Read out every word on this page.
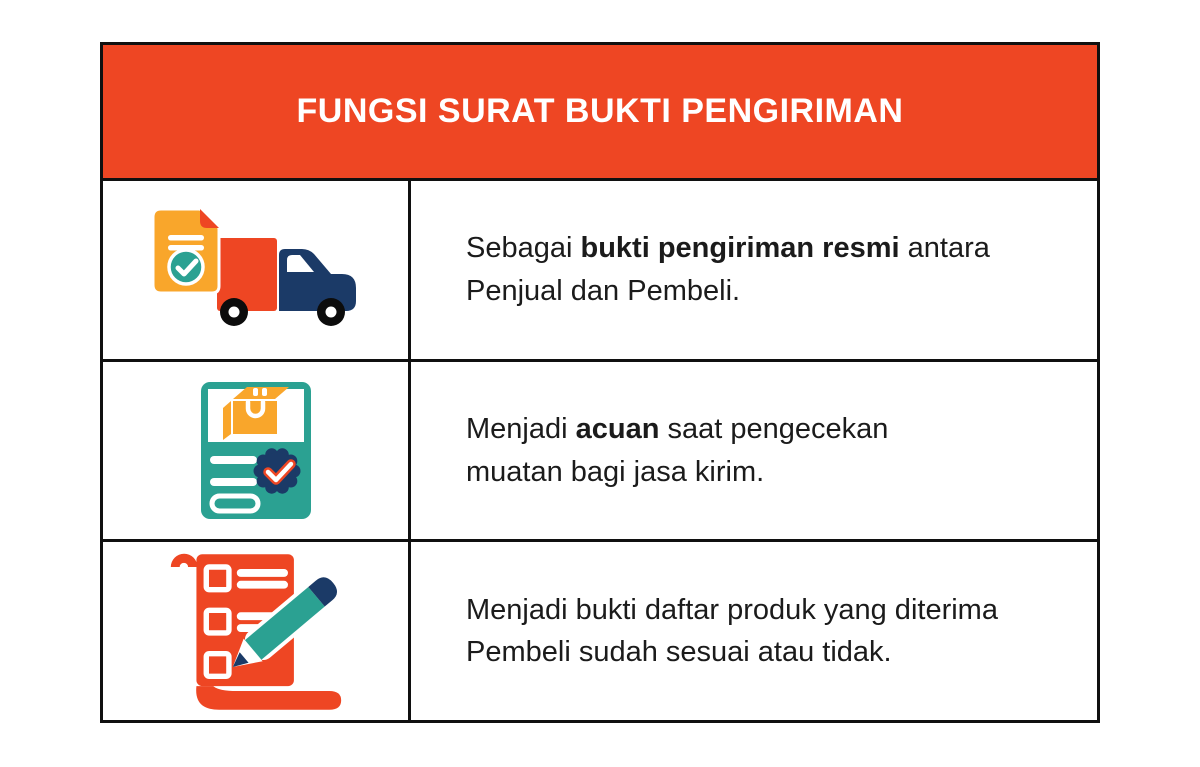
FUNGSI SURAT BUKTI PENGIRIMAN

Sebagai bukti pengiriman resmi antara
Penjual dan Pembeli.

Menjadi acuan saat pengecekan
muatan bagi jasa kirim.

Menjadi bukti daftar produk yang diterima
Pembeli sudah sesuai atau tidak.
